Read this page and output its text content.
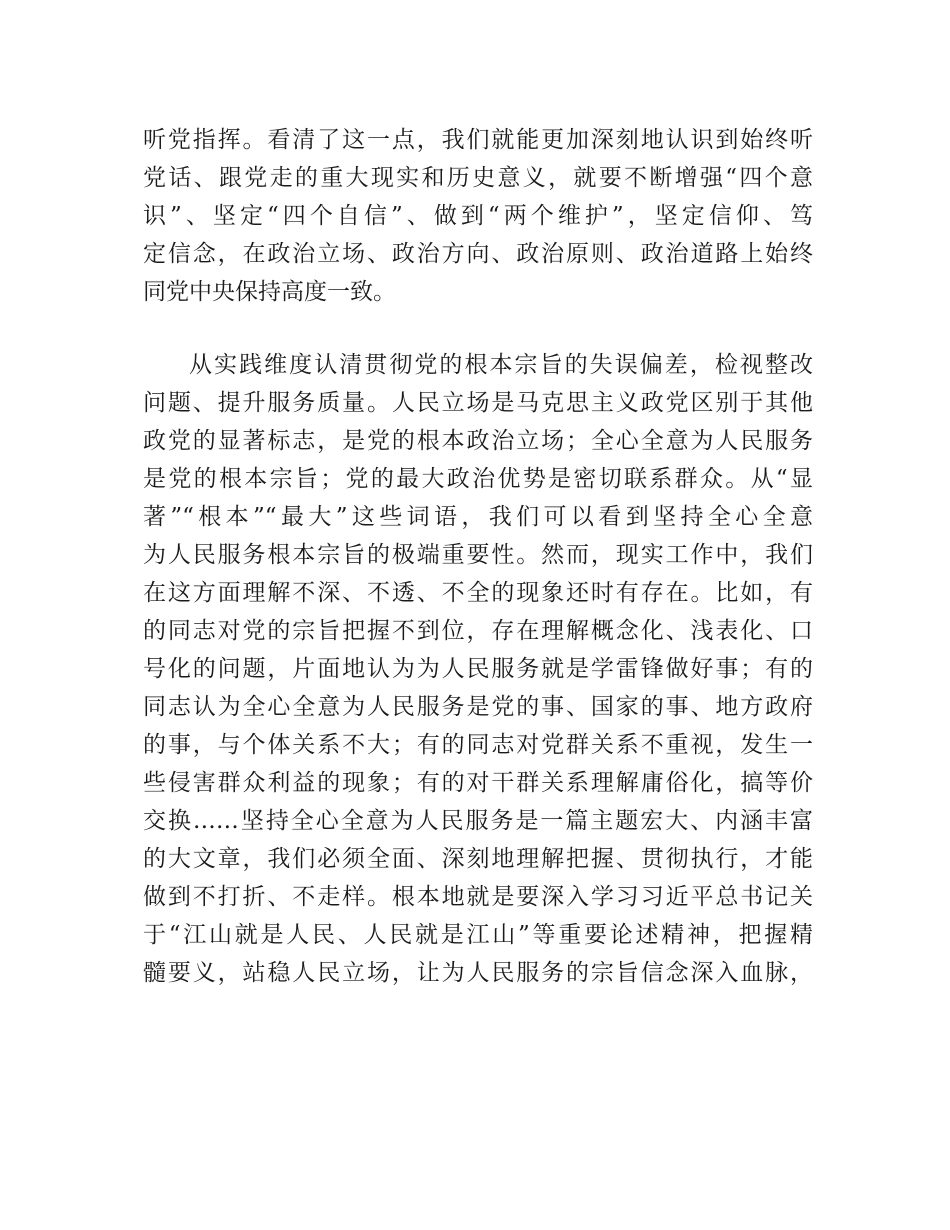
听党指挥。看清了这一点，我们就能更加深刻地认识到始终听
党话、跟党走的重大现实和历史意义，就要不断增强“四个意
识”、坚定“四个自信”、做到“两个维护”，坚定信仰、笃
定信念，在政治立场、政治方向、政治原则、政治道路上始终
同党中央保持高度一致。
从实践维度认清贯彻党的根本宗旨的失误偏差，检视整改
问题、提升服务质量。人民立场是马克思主义政党区别于其他
政党的显著标志，是党的根本政治立场；全心全意为人民服务
是党的根本宗旨；党的最大政治优势是密切联系群众。从“显
著”“根本”“最大”这些词语，我们可以看到坚持全心全意
为人民服务根本宗旨的极端重要性。然而，现实工作中，我们
在这方面理解不深、不透、不全的现象还时有存在。比如，有
的同志对党的宗旨把握不到位，存在理解概念化、浅表化、口
号化的问题，片面地认为为人民服务就是学雷锋做好事；有的
同志认为全心全意为人民服务是党的事、国家的事、地方政府
的事，与个体关系不大；有的同志对党群关系不重视，发生一
些侵害群众利益的现象；有的对干群关系理解庸俗化，搞等价
交换……坚持全心全意为人民服务是一篇主题宏大、内涵丰富
的大文章，我们必须全面、深刻地理解把握、贯彻执行，才能
做到不打折、不走样。根本地就是要深入学习习近平总书记关
于“江山就是人民、人民就是江山”等重要论述精神，把握精
髓要义，站稳人民立场，让为人民服务的宗旨信念深入血脉，
